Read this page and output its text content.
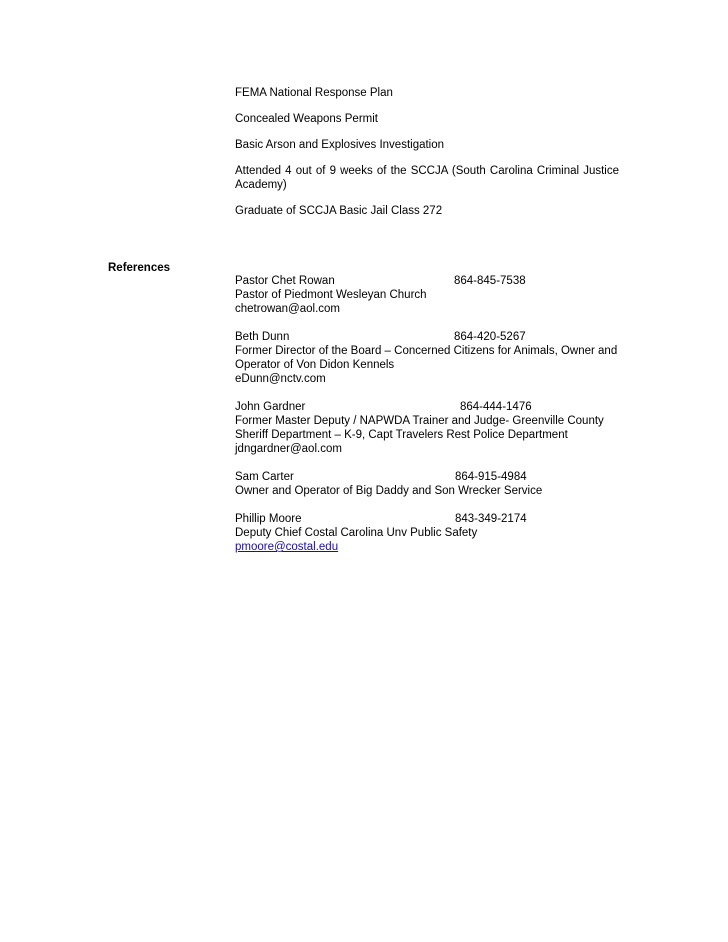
FEMA National Response Plan

Concealed Weapons Permit

Basic Arson and Explosives Investigation

Attended 4 out of 9 weeks of the SCCJA (South Carolina Criminal Justice Academy)

Graduate of SCCJA Basic Jail Class 272

References
Pastor Chet Rowan	864-845-7538
Pastor of Piedmont Wesleyan Church
chetrowan@aol.com
Beth Dunn	864-420-5267
Former Director of the Board – Concerned Citizens for Animals, Owner and Operator of Von Didon Kennels
eDunn@nctv.com
John Gardner	864-444-1476
Former Master Deputy / NAPWDA Trainer and Judge- Greenville County Sheriff Department – K-9, Capt Travelers Rest Police Department
jdngardner@aol.com
Sam Carter	864-915-4984
Owner and Operator of Big Daddy and Son Wrecker Service
Phillip Moore	843-349-2174
Deputy Chief Costal Carolina Unv Public Safety
pmoore@costal.edu
